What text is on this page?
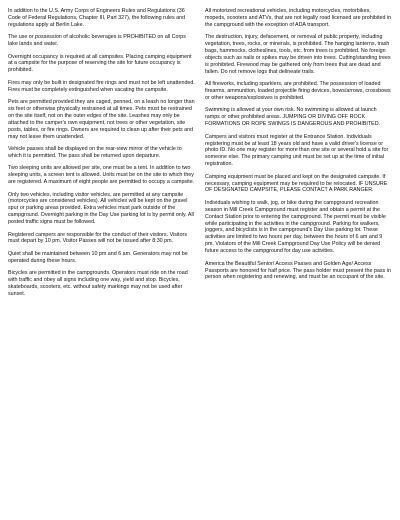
In addition to the U.S. Army Corps of Engineers Rules and Regulations (36 Code of Federal Regulations, Chapter III, Part 327), the following rules and regulations apply at Berlin Lake.

The use or possession of alcoholic beverages is PROHIBITED on all Corps lake lands and water.

Overnight occupancy is required at all campsites. Placing camping equipment at a campsite for the purpose of reserving the site for future occupancy is prohibited.

Fires may only be built in designated fire rings and must not be left unattended. Fires must be completely extinguished when vacating the campsite.

Pets are permitted provided they are caged, penned, on a leash no longer than six feet or otherwise physically restrained at all times. Pets must be restrained on the site itself, not on the outer edges of the site. Leashes may only be attached to the camper's own equipment, not trees or other vegetation, site posts, tables, or fire rings. Owners are required to clean up after their pets and may not leave them unattended.

Vehicle passes shall be displayed on the rear-view mirror of the vehicle to which it is permitted. The pass shall be returned upon departure.

Two sleeping units are allowed per site, one must be a tent. In addition to two sleeping units, a screen tent is allowed. Units must be on the site to which they are registered. A maximum of eight people are permitted to occupy a campsite.

Only two vehicles, including visitor vehicles, are permitted at any campsite (motorcycles are considered vehicles). All vehicles will be kept on the gravel spur or parking areas provided. Extra vehicles must park outside of the campground. Overnight parking in the Day Use parking lot is by permit only. All posted traffic signs must be followed.

Registered campers are responsible for the conduct of their visitors. Visitors must depart by 10 pm. Visitor Passes will not be issued after 8:30 pm.

Quiet shall be maintained between 10 pm and 6 am. Generators may not be operated during these hours.

Bicycles are permitted in the campgrounds. Operators must ride on the road with traffic and obey all signs including one way, yield and stop. Bicycles, skateboards, scooters, etc. without safety markings may not be used after sunset.

All motorized recreational vehicles, including motorcycles, motorbikes, mopeds, scooters and ATVs, that are not legally road licensed are prohibited in the campground with the exception of ADA transport.

The destruction, injury, defacement, or removal of public property, including vegetation, trees, rocks, or minerals, is prohibited. The hanging lanterns, trash bags, hammocks, clotheslines, tools, etc. from trees is prohibited. No foreign objects such as nails or spikes may be driven into trees. Cutting/standing trees is prohibited. Firewood may be gathered only from trees that are dead and fallen. Do not remove logs that delineate trails.

All fireworks, including sparklers, are prohibited. The possession of loaded firearms, ammunition, loaded projectile firing devices, bows/arrows, crossbows or other weapons/explosives is prohibited.

Swimming is allowed at your own risk. No swimming is allowed at launch ramps or other prohibited areas. JUMPING OR DIVING OFF ROCK FORMATIONS OR ROPE SWINGS IS DANGEROUS AND PROHIBITED.

Campers and visitors must register at the Entrance Station. Individuals registering must be at least 18 years old and have a valid driver's license or photo ID. No one may register for more than one site or several hold a site for someone else. The primary camping unit must be set up at the time of initial registration.

Camping equipment must be placed and kept on the designated campsite. If necessary, camping equipment may be required to be relocated. IF UNSURE OF DESIGNATED CAMPSITE, PLEASE CONTACT A PARK RANGER.

Individuals wishing to walk, jog, or bike during the campground recreation season in Mill Creek Campground must register and obtain a permit at the Contact Station prior to entering the campground. The permit must be visible while participating in the activities in the campground. Parking for walkers, joggers, and bicyclists is in the campground's Day Use parking lot. These activities are limited to two hours per day, between the hours of 6 am and 9 pm. Violators of the Mill Creek Campground Day Use Policy will be denied future access to the campground for day use activities.

America the Beautiful Senior/ Access Passes and Golden Age/ Access Passports are honored for half price. The pass holder must present the pass in person when registering and renewing, and must be an occupant of the site.
